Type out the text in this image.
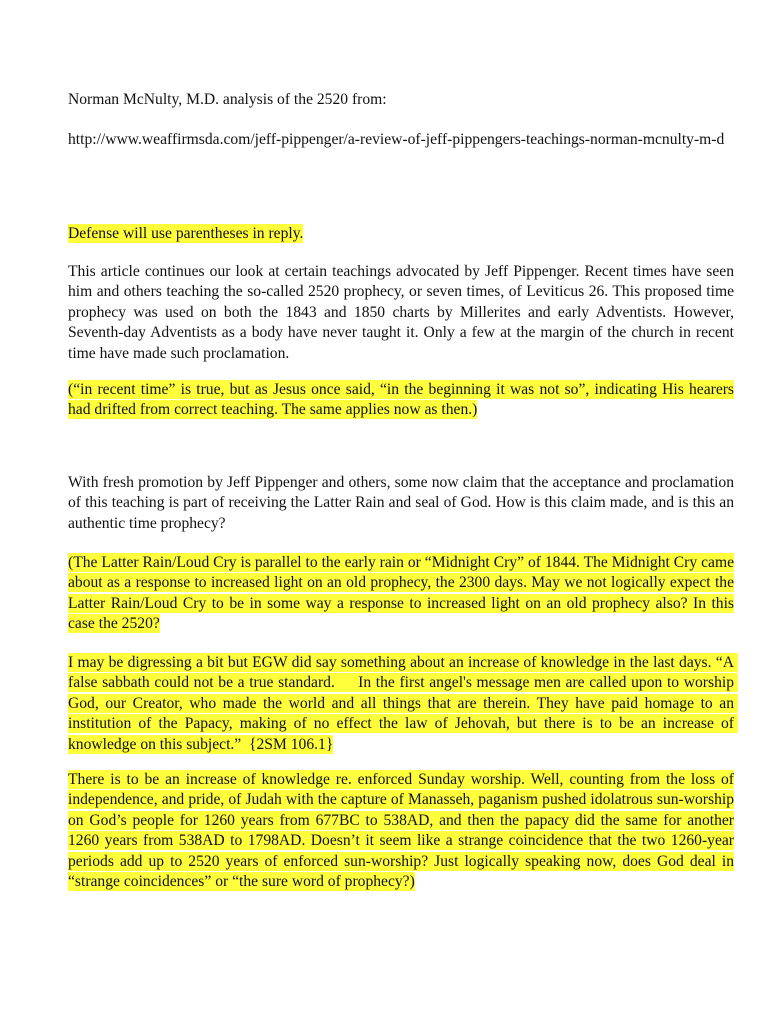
Norman McNulty, M.D. analysis of the 2520 from:

http://www.weaffirmsda.com/jeff-pippenger/a-review-of-jeff-pippengers-teachings-norman-mcnulty-m-d

Defense will use parentheses in reply.

This article continues our look at certain teachings advocated by Jeff Pippenger. Recent times have seen him and others teaching the so-called 2520 prophecy, or seven times, of Leviticus 26. This proposed time prophecy was used on both the 1843 and 1850 charts by Millerites and early Adventists. However, Seventh-day Adventists as a body have never taught it. Only a few at the margin of the church in recent time have made such proclamation.

(“in recent time” is true, but as Jesus once said, “in the beginning it was not so”, indicating His hearers had drifted from correct teaching. The same applies now as then.)

With fresh promotion by Jeff Pippenger and others, some now claim that the acceptance and proclamation of this teaching is part of receiving the Latter Rain and seal of God. How is this claim made, and is this an authentic time prophecy?

(The Latter Rain/Loud Cry is parallel to the early rain or “Midnight Cry” of 1844. The Midnight Cry came about as a response to increased light on an old prophecy, the 2300 days. May we not logically expect the Latter Rain/Loud Cry to be in some way a response to increased light on an old prophecy also? In this case the 2520?

I may be digressing a bit but EGW did say something about an increase of knowledge in the last days. “A false sabbath could not be a true standard.     In the first angel's message men are called upon to worship God, our Creator, who made the world and all things that are therein. They have paid homage to an institution of the Papacy, making of no effect the law of Jehovah, but there is to be an increase of knowledge on this subject.”  {2SM 106.1}

There is to be an increase of knowledge re. enforced Sunday worship. Well, counting from the loss of independence, and pride, of Judah with the capture of Manasseh, paganism pushed idolatrous sun-worship on God’s people for 1260 years from 677BC to 538AD, and then the papacy did the same for another 1260 years from 538AD to 1798AD. Doesn’t it seem like a strange coincidence that the two 1260-year periods add up to 2520 years of enforced sun-worship? Just logically speaking now, does God deal in “strange coincidences” or “the sure word of prophecy?)
